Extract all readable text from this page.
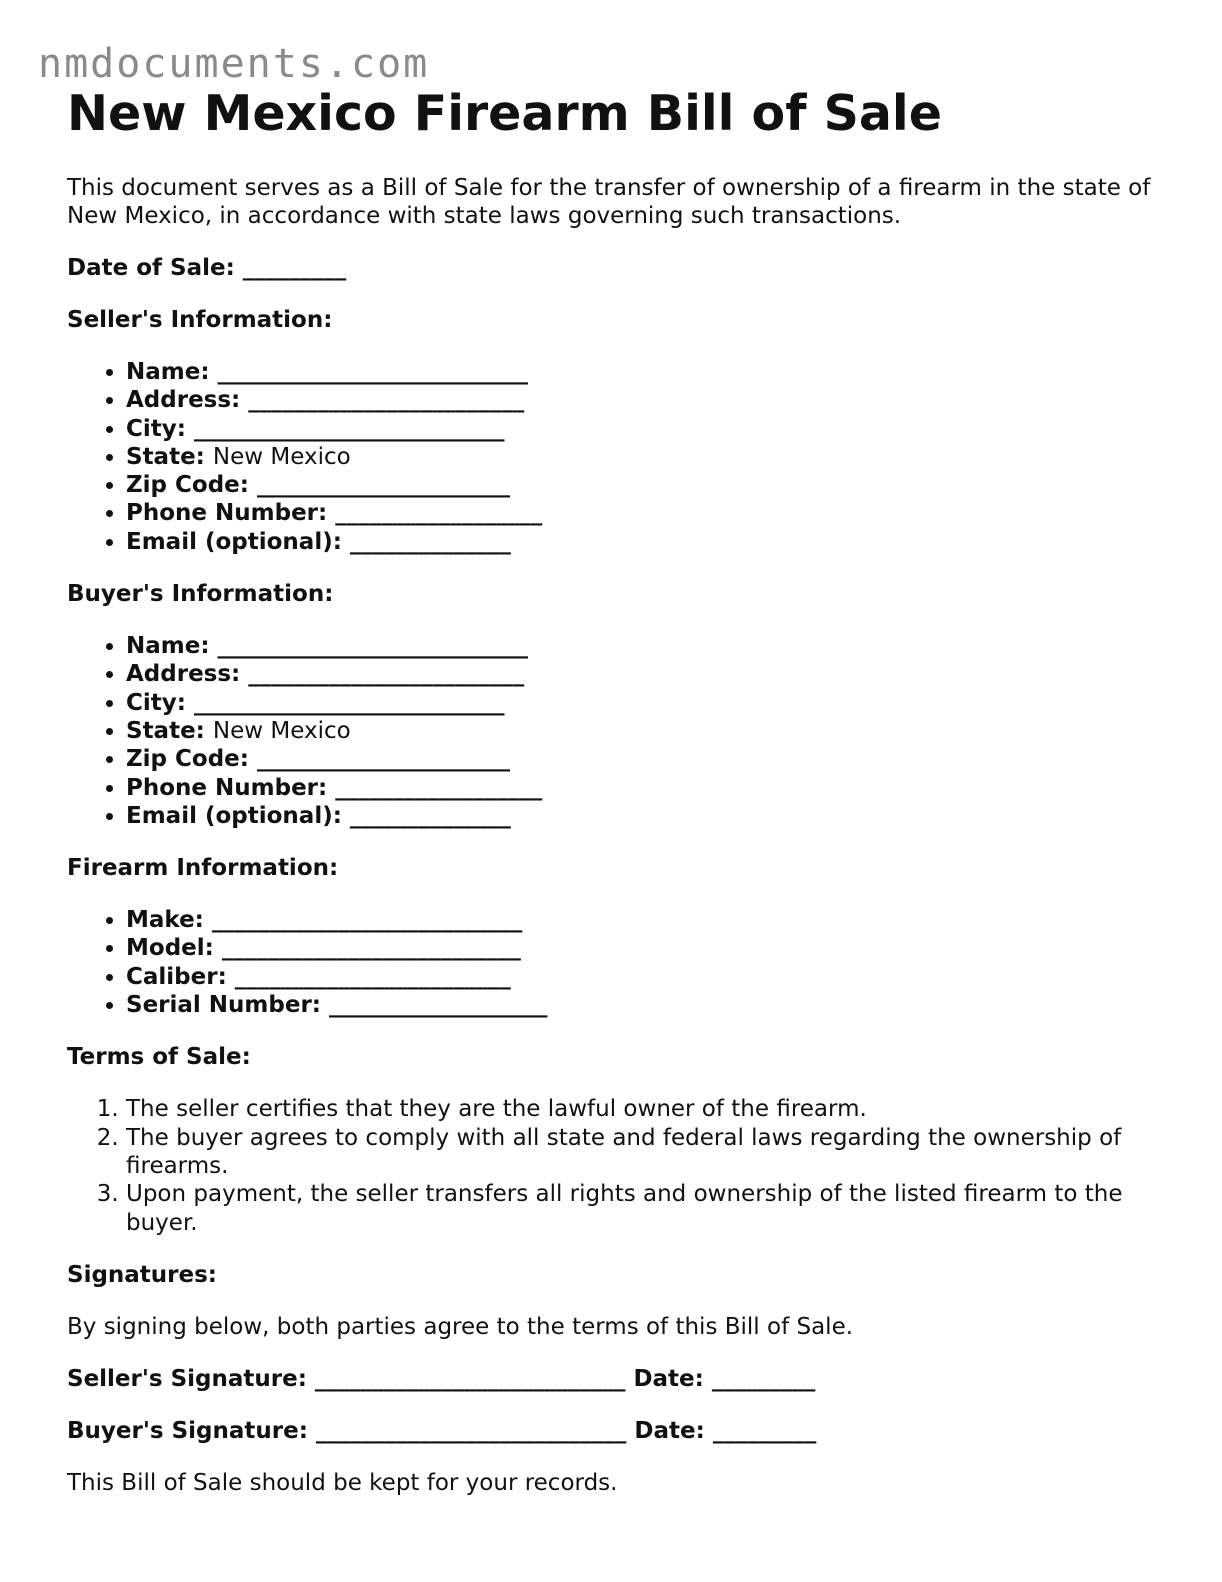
nmdocuments.com
New Mexico Firearm Bill of Sale

This document serves as a Bill of Sale for the transfer of ownership of a firearm in the state of New Mexico, in accordance with state laws governing such transactions.

Date of Sale: _________

Seller's Information:

• Name: ___________________________
• Address: ________________________
• City: ___________________________
• State: New Mexico
• Zip Code: ______________________
• Phone Number: __________________
• Email (optional): ______________

Buyer's Information:

• Name: ___________________________
• Address: ________________________
• City: ___________________________
• State: New Mexico
• Zip Code: ______________________
• Phone Number: __________________
• Email (optional): ______________

Firearm Information:

• Make: ___________________________
• Model: __________________________
• Caliber: ________________________
• Serial Number: ___________________

Terms of Sale:

1. The seller certifies that they are the lawful owner of the firearm.
2. The buyer agrees to comply with all state and federal laws regarding the ownership of firearms.
3. Upon payment, the seller transfers all rights and ownership of the listed firearm to the buyer.

Signatures:

By signing below, both parties agree to the terms of this Bill of Sale.

Seller's Signature: ___________________________ Date: _________

Buyer's Signature: ___________________________ Date: _________

This Bill of Sale should be kept for your records.
